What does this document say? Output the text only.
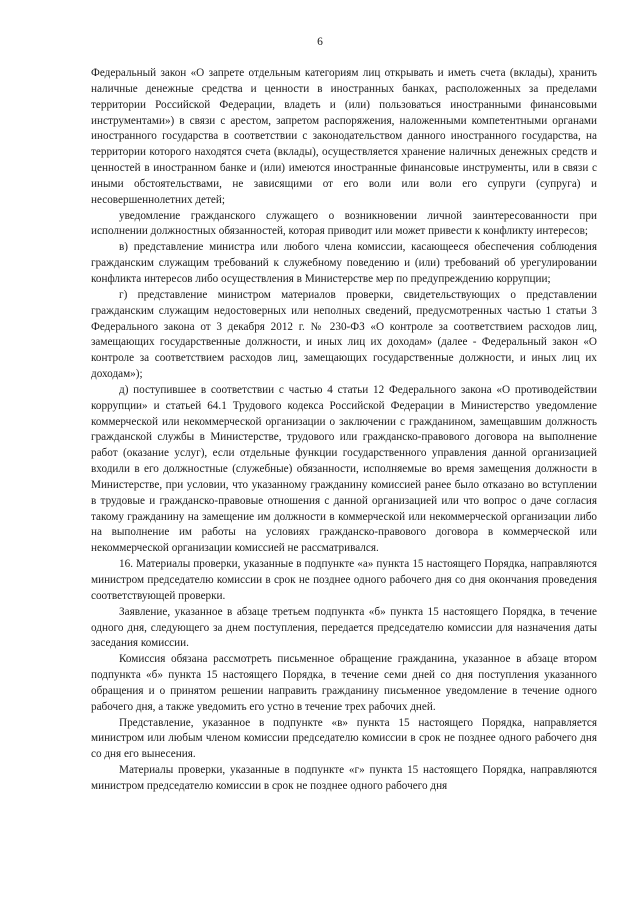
6

Федеральный закон «О запрете отдельным категориям лиц открывать и иметь счета (вклады), хранить наличные денежные средства и ценности в иностранных банках, расположенных за пределами территории Российской Федерации, владеть и (или) пользоваться иностранными финансовыми инструментами») в связи с арестом, запретом распоряжения, наложенными компетентными органами иностранного государства в соответствии с законодательством данного иностранного государства, на территории которого находятся счета (вклады), осуществляется хранение наличных денежных средств и ценностей в иностранном банке и (или) имеются иностранные финансовые инструменты, или в связи с иными обстоятельствами, не зависящими от его воли или воли его супруги (супруга) и несовершеннолетних детей;

уведомление гражданского служащего о возникновении личной заинтересованности при исполнении должностных обязанностей, которая приводит или может привести к конфликту интересов;

в) представление министра или любого члена комиссии, касающееся обеспечения соблюдения гражданским служащим требований к служебному поведению и (или) требований об урегулировании конфликта интересов либо осуществления в Министерстве мер по предупреждению коррупции;

г) представление министром материалов проверки, свидетельствующих о представлении гражданским служащим недостоверных или неполных сведений, предусмотренных частью 1 статьи 3 Федерального закона от 3 декабря 2012 г. № 230-ФЗ «О контроле за соответствием расходов лиц, замещающих государственные должности, и иных лиц их доходам» (далее - Федеральный закон «О контроле за соответствием расходов лиц, замещающих государственные должности, и иных лиц их доходам»);

д) поступившее в соответствии с частью 4 статьи 12 Федерального закона «О противодействии коррупции» и статьей 64.1 Трудового кодекса Российской Федерации в Министерство уведомление коммерческой или некоммерческой организации о заключении с гражданином, замещавшим должность гражданской службы в Министерстве, трудового или гражданско-правового договора на выполнение работ (оказание услуг), если отдельные функции государственного управления данной организацией входили в его должностные (служебные) обязанности, исполняемые во время замещения должности в Министерстве, при условии, что указанному гражданину комиссией ранее было отказано во вступлении в трудовые и гражданско-правовые отношения с данной организацией или что вопрос о даче согласия такому гражданину на замещение им должности в коммерческой или некоммерческой организации либо на выполнение им работы на условиях гражданско-правового договора в коммерческой или некоммерческой организации комиссией не рассматривался.

16. Материалы проверки, указанные в подпункте «а» пункта 15 настоящего Порядка, направляются министром председателю комиссии в срок не позднее одного рабочего дня со дня окончания проведения соответствующей проверки.

Заявление, указанное в абзаце третьем подпункта «б» пункта 15 настоящего Порядка, в течение одного дня, следующего за днем поступления, передается председателю комиссии для назначения даты заседания комиссии.

Комиссия обязана рассмотреть письменное обращение гражданина, указанное в абзаце втором подпункта «б» пункта 15 настоящего Порядка, в течение семи дней со дня поступления указанного обращения и о принятом решении направить гражданину письменное уведомление в течение одного рабочего дня, а также уведомить его устно в течение трех рабочих дней.

Представление, указанное в подпункте «в» пункта 15 настоящего Порядка, направляется министром или любым членом комиссии председателю комиссии в срок не позднее одного рабочего дня со дня его вынесения.

Материалы проверки, указанные в подпункте «г» пункта 15 настоящего Порядка, направляются министром председателю комиссии в срок не позднее одного рабочего дня
